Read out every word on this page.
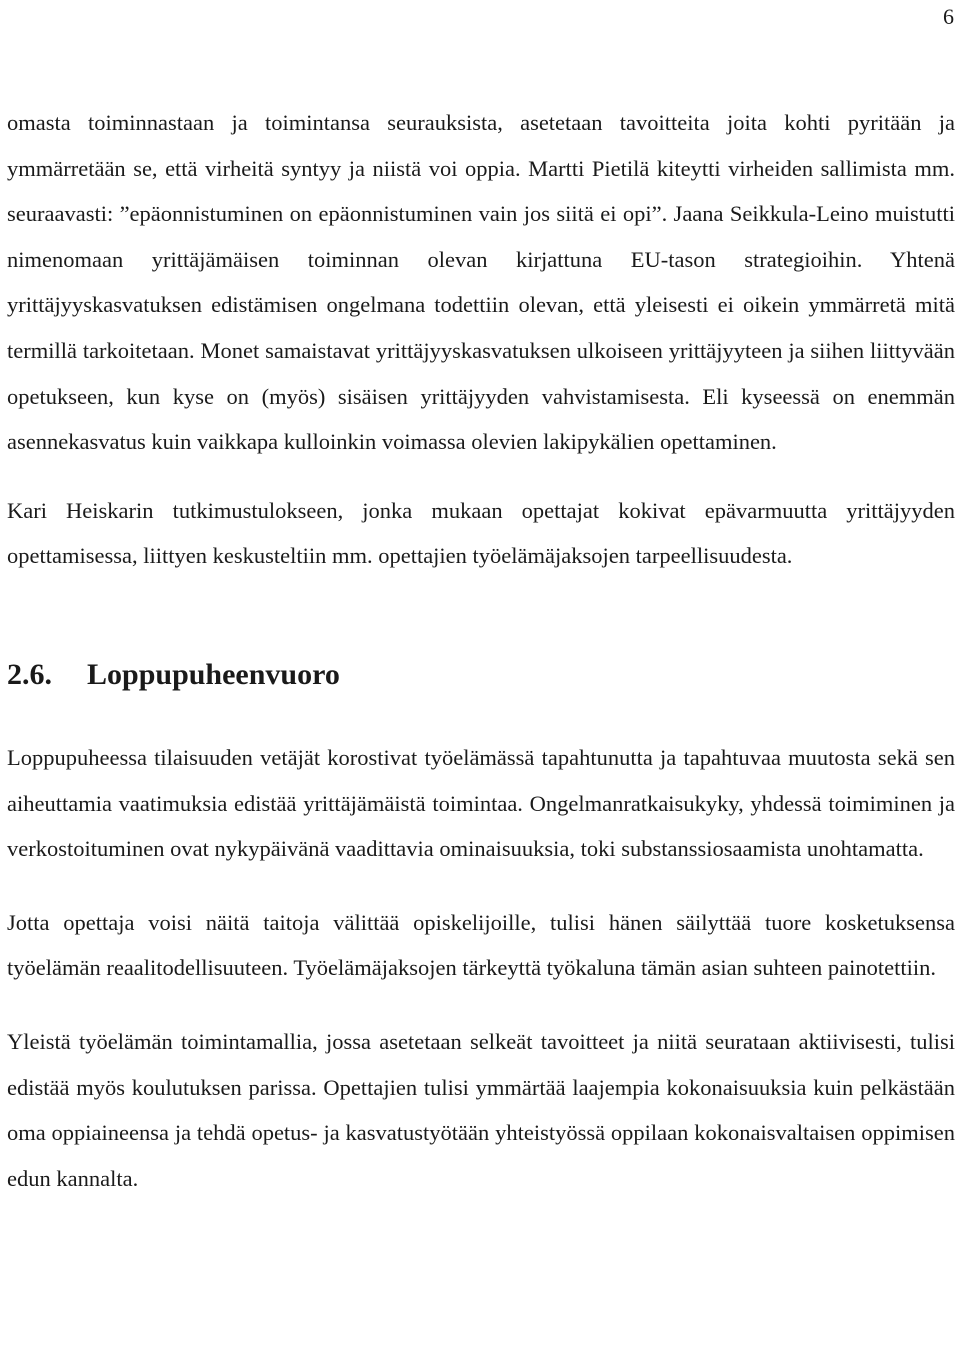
6

omasta toiminnastaan ja toimintansa seurauksista, asetetaan tavoitteita joita kohti pyritään ja ymmärretään se, että virheitä syntyy ja niistä voi oppia. Martti Pietilä kiteytti virheiden sallimista mm. seuraavasti: ”epäonnistuminen on epäonnistuminen vain jos siitä ei opi”. Jaana Seikkula-Leino muistutti nimenomaan yrittäjämäisen toiminnan olevan kirjattuna EU-tason strategioihin. Yhtenä yrittäjyyskasvatuksen edistämisen ongelmana todettiin olevan, että yleisesti ei oikein ymmärretä mitä termillä tarkoitetaan. Monet samaistavat yrittäjyyskasvatuksen ulkoiseen yrittäjyyteen ja siihen liittyvään opetukseen, kun kyse on (myös) sisäisen yrittäjyyden vahvistamisesta. Eli kyseessä on enemmän asennekasvatus kuin vaikkapa kulloinkin voimassa olevien lakipykälien opettaminen.

Kari Heiskarin tutkimustulokseen, jonka mukaan opettajat kokivat epävarmuutta yrittäjyyden opettamisessa, liittyen keskusteltiin mm. opettajien työelämäjaksojen tarpeellisuudesta.

2.6.	Loppupuheenvuoro

Loppupuheessa tilaisuuden vetäjät korostivat työelämässä tapahtunutta ja tapahtuvaa muutosta sekä sen aiheuttamia vaatimuksia edistää yrittäjämäistä toimintaa. Ongelmanratkaisukyky, yhdessä toimiminen ja verkostoituminen ovat nykypäivänä vaadittavia ominaisuuksia, toki substanssiosaamista unohtamatta.

Jotta opettaja voisi näitä taitoja välittää opiskelijoille, tulisi hänen säilyttää tuore kosketuksensa työelämän reaalitodellisuuteen. Työelämäjaksojen tärkeyttä työkaluna tämän asian suhteen painotettiin.

Yleistä työelämän toimintamallia, jossa asetetaan selkeät tavoitteet ja niitä seurataan aktiivisesti, tulisi edistää myös koulutuksen parissa. Opettajien tulisi ymmärtää laajempia kokonaisuuksia kuin pelkästään oma oppiaineensa ja tehdä opetus- ja kasvatustyötään yhteistyössä oppilaan kokonaisvaltaisen oppimisen edun kannalta.
